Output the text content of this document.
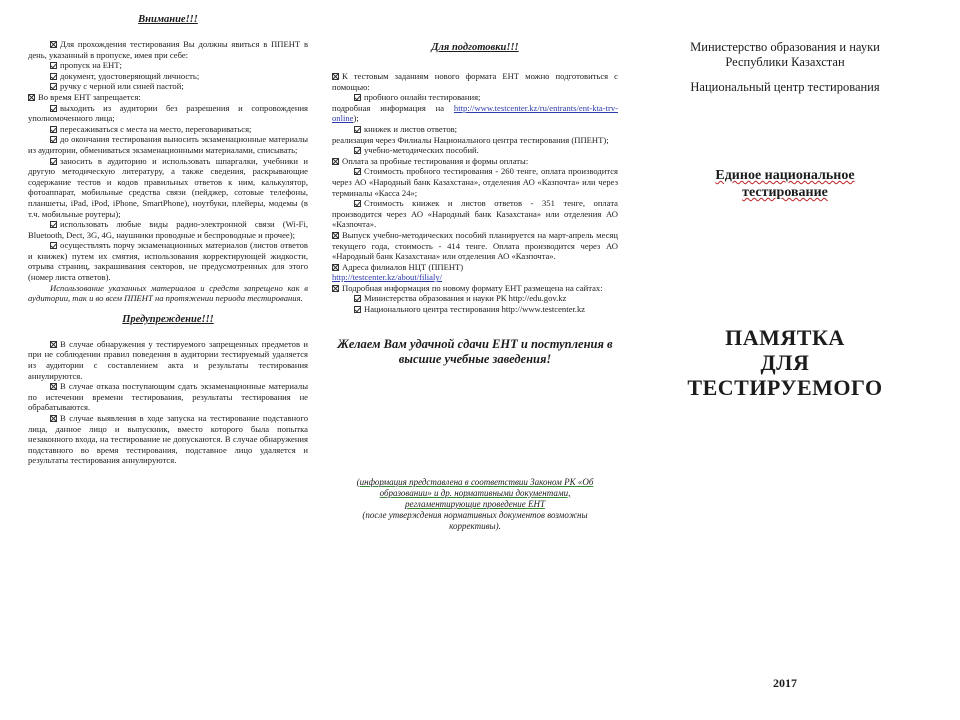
Внимание!!!

Для прохождения тестирования Вы должны явиться в ППЕНТ в день, указанный в пропуске, имея при себе:

пропуск на ЕНТ;

документ, удостоверяющий личность;

ручку с черной или синей пастой;

Во время ЕНТ запрещается:

выходить из аудитории без разрешения и сопровождения уполномоченного лица;

пересаживаться с места на место, переговариваться;

до окончания тестирования выносить экзаменационные материалы из аудитории, обмениваться экзаменационными материалами, списывать;

заносить в аудиторию и использовать шпаргалки, учебники и другую методическую литературу, а также сведения, раскрывающие содержание тестов и кодов правильных ответов к ним, калькулятор, фотоаппарат, мобильные средства связи (пейджер, сотовые телефоны, планшеты, iPad, iPod, iPhone, SmartPhone), ноутбуки, плейеры, модемы (в т.ч. мобильные роутеры);

использовать любые виды радио-электронной связи (Wi-Fi, Bluetooth, Dect, 3G, 4G, наушники проводные и беспроводные и прочее);

осуществлять порчу экзаменационных материалов (листов ответов и книжек) путем их смятия, использования корректирующей жидкости, отрыва страниц, закрашивания секторов, не предусмотренных для этого (номер листа ответов).

Использование указанных материалов и средств запрещено как в аудитории, так и во всем ППЕНТ на протяжении периода тестирования.

Предупреждение!!!

В случае обнаружения у тестируемого запрещенных предметов и при не соблюдении правил поведения в аудитории тестируемый удаляется из аудитории с составлением акта и результаты тестирования аннулируются.

В случае отказа поступающим сдать экзаменационные материалы по истечении времени тестирования, результаты тестирования не обрабатываются.

В случае выявления в ходе запуска на тестирование подставного лица, данное лицо и выпускник, вместо которого была попытка незаконного входа, на тестирование не допускаются. В случае обнаружения подставного во время тестирования, подставное лицо удаляется и результаты тестирования аннулируются.

Для подготовки!!!

К тестовым заданиям нового формата ЕНТ можно подготовиться с помощью:

пробного онлайн тестирования;

подробная информация на http://www.testcenter.kz/ru/entrants/ent-kta-trv-online);

книжек и листов ответов;

реализация через Филиалы Национального центра тестирования (ППЕНТ);

учебно-методических пособий.

Оплата за пробные тестирования и формы оплаты:

Стоимость пробного тестирования - 260 тенге, оплата производится через АО «Народный банк Казахстана», отделения АО «Казпочта» или через терминалы «Касса 24»;

Стоимость книжек и листов ответов - 351 тенге, оплата производится через АО «Народный банк Казахстана» или отделения АО «Казпочта».

Выпуск учебно-методических пособий планируется на март-апрель месяц текущего года, стоимость - 414 тенге. Оплата производится через АО «Народный банк Казахстана» или отделения АО «Казпочта».

Адреса филиалов НЦТ (ППЕНТ)

http://testcenter.kz/about/filialy/

Подробная информация по новому формату ЕНТ размещена на сайтах:

Министерства образования и науки РК http://edu.gov.kz

Национального центра тестирования http://www.testcenter.kz

Желаем Вам удачной сдачи ЕНТ и поступления в высшие учебные заведения!

(информация представлена в соответствии Законом РК «Об образовании» и др. нормативными документами, регламентирующие проведение ЕНТ
(после утверждения нормативных документов возможны коррективы).

Министерство образования и науки

Республики Казахстан

Национальный центр тестирования

Единое национальное
тестирование

ПАМЯТКА
ДЛЯ
ТЕСТИРУЕМОГО

2017
